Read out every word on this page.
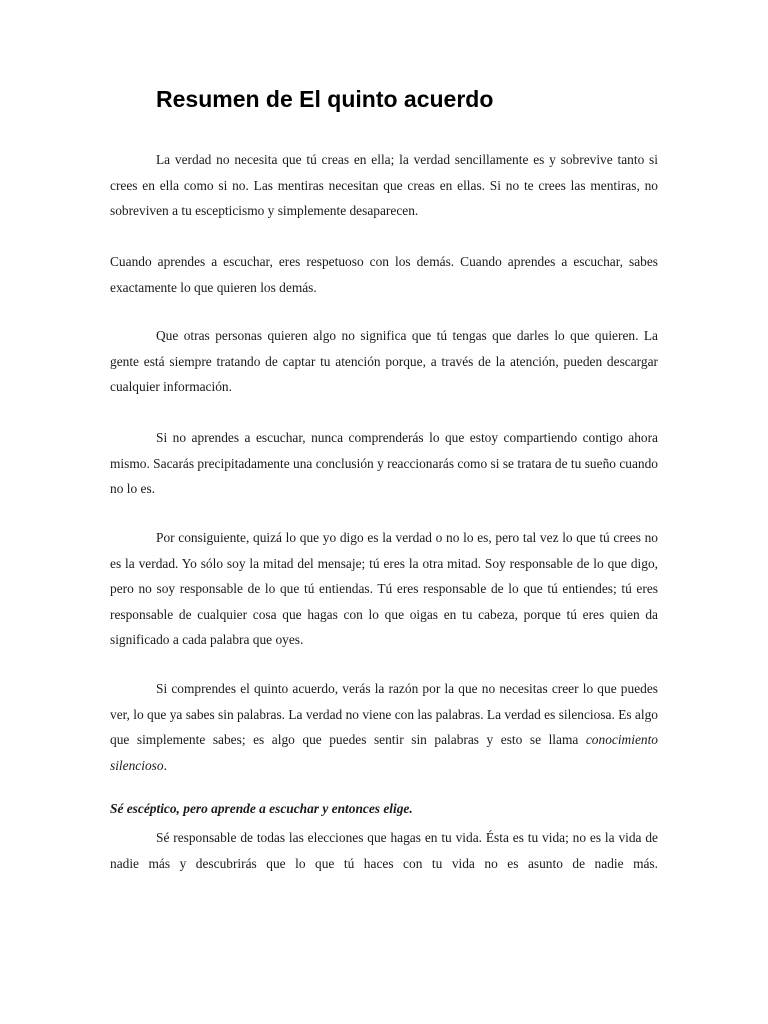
Resumen de El quinto acuerdo

La verdad no necesita que tú creas en ella; la verdad sencillamente es y sobrevive tanto si crees en ella como si no. Las mentiras necesitan que creas en ellas. Si no te crees las mentiras, no sobreviven a tu escepticismo y simplemente desaparecen.

Cuando aprendes a escuchar, eres respetuoso con los demás. Cuando aprendes a escuchar, sabes exactamente lo que quieren los demás.

Que otras personas quieren algo no significa que tú tengas que darles lo que quieren. La gente está siempre tratando de captar tu atención porque, a través de la atención, pueden descargar cualquier información.

Si no aprendes a escuchar, nunca comprenderás lo que estoy compartiendo contigo ahora mismo. Sacarás precipitadamente una conclusión y reaccionarás como si se tratara de tu sueño cuando no lo es.

Por consiguiente, quizá lo que yo digo es la verdad o no lo es, pero tal vez lo que tú crees no es la verdad. Yo sólo soy la mitad del mensaje; tú eres la otra mitad. Soy responsable de lo que digo, pero no soy responsable de lo que tú entiendas. Tú eres responsable de lo que tú entiendes; tú eres responsable de cualquier cosa que hagas con lo que oigas en tu cabeza, porque tú eres quien da significado a cada palabra que oyes.

Si comprendes el quinto acuerdo, verás la razón por la que no necesitas creer lo que puedes ver, lo que ya sabes sin palabras. La verdad no viene con las palabras. La verdad es silenciosa. Es algo que simplemente sabes; es algo que puedes sentir sin palabras y esto se llama conocimiento silencioso.

Sé escéptico, pero aprende a escuchar y entonces elige.

Sé responsable de todas las elecciones que hagas en tu vida. Ésta es tu vida; no es la vida de nadie más y descubrirás que lo que tú haces con tu vida no es asunto de nadie más.
